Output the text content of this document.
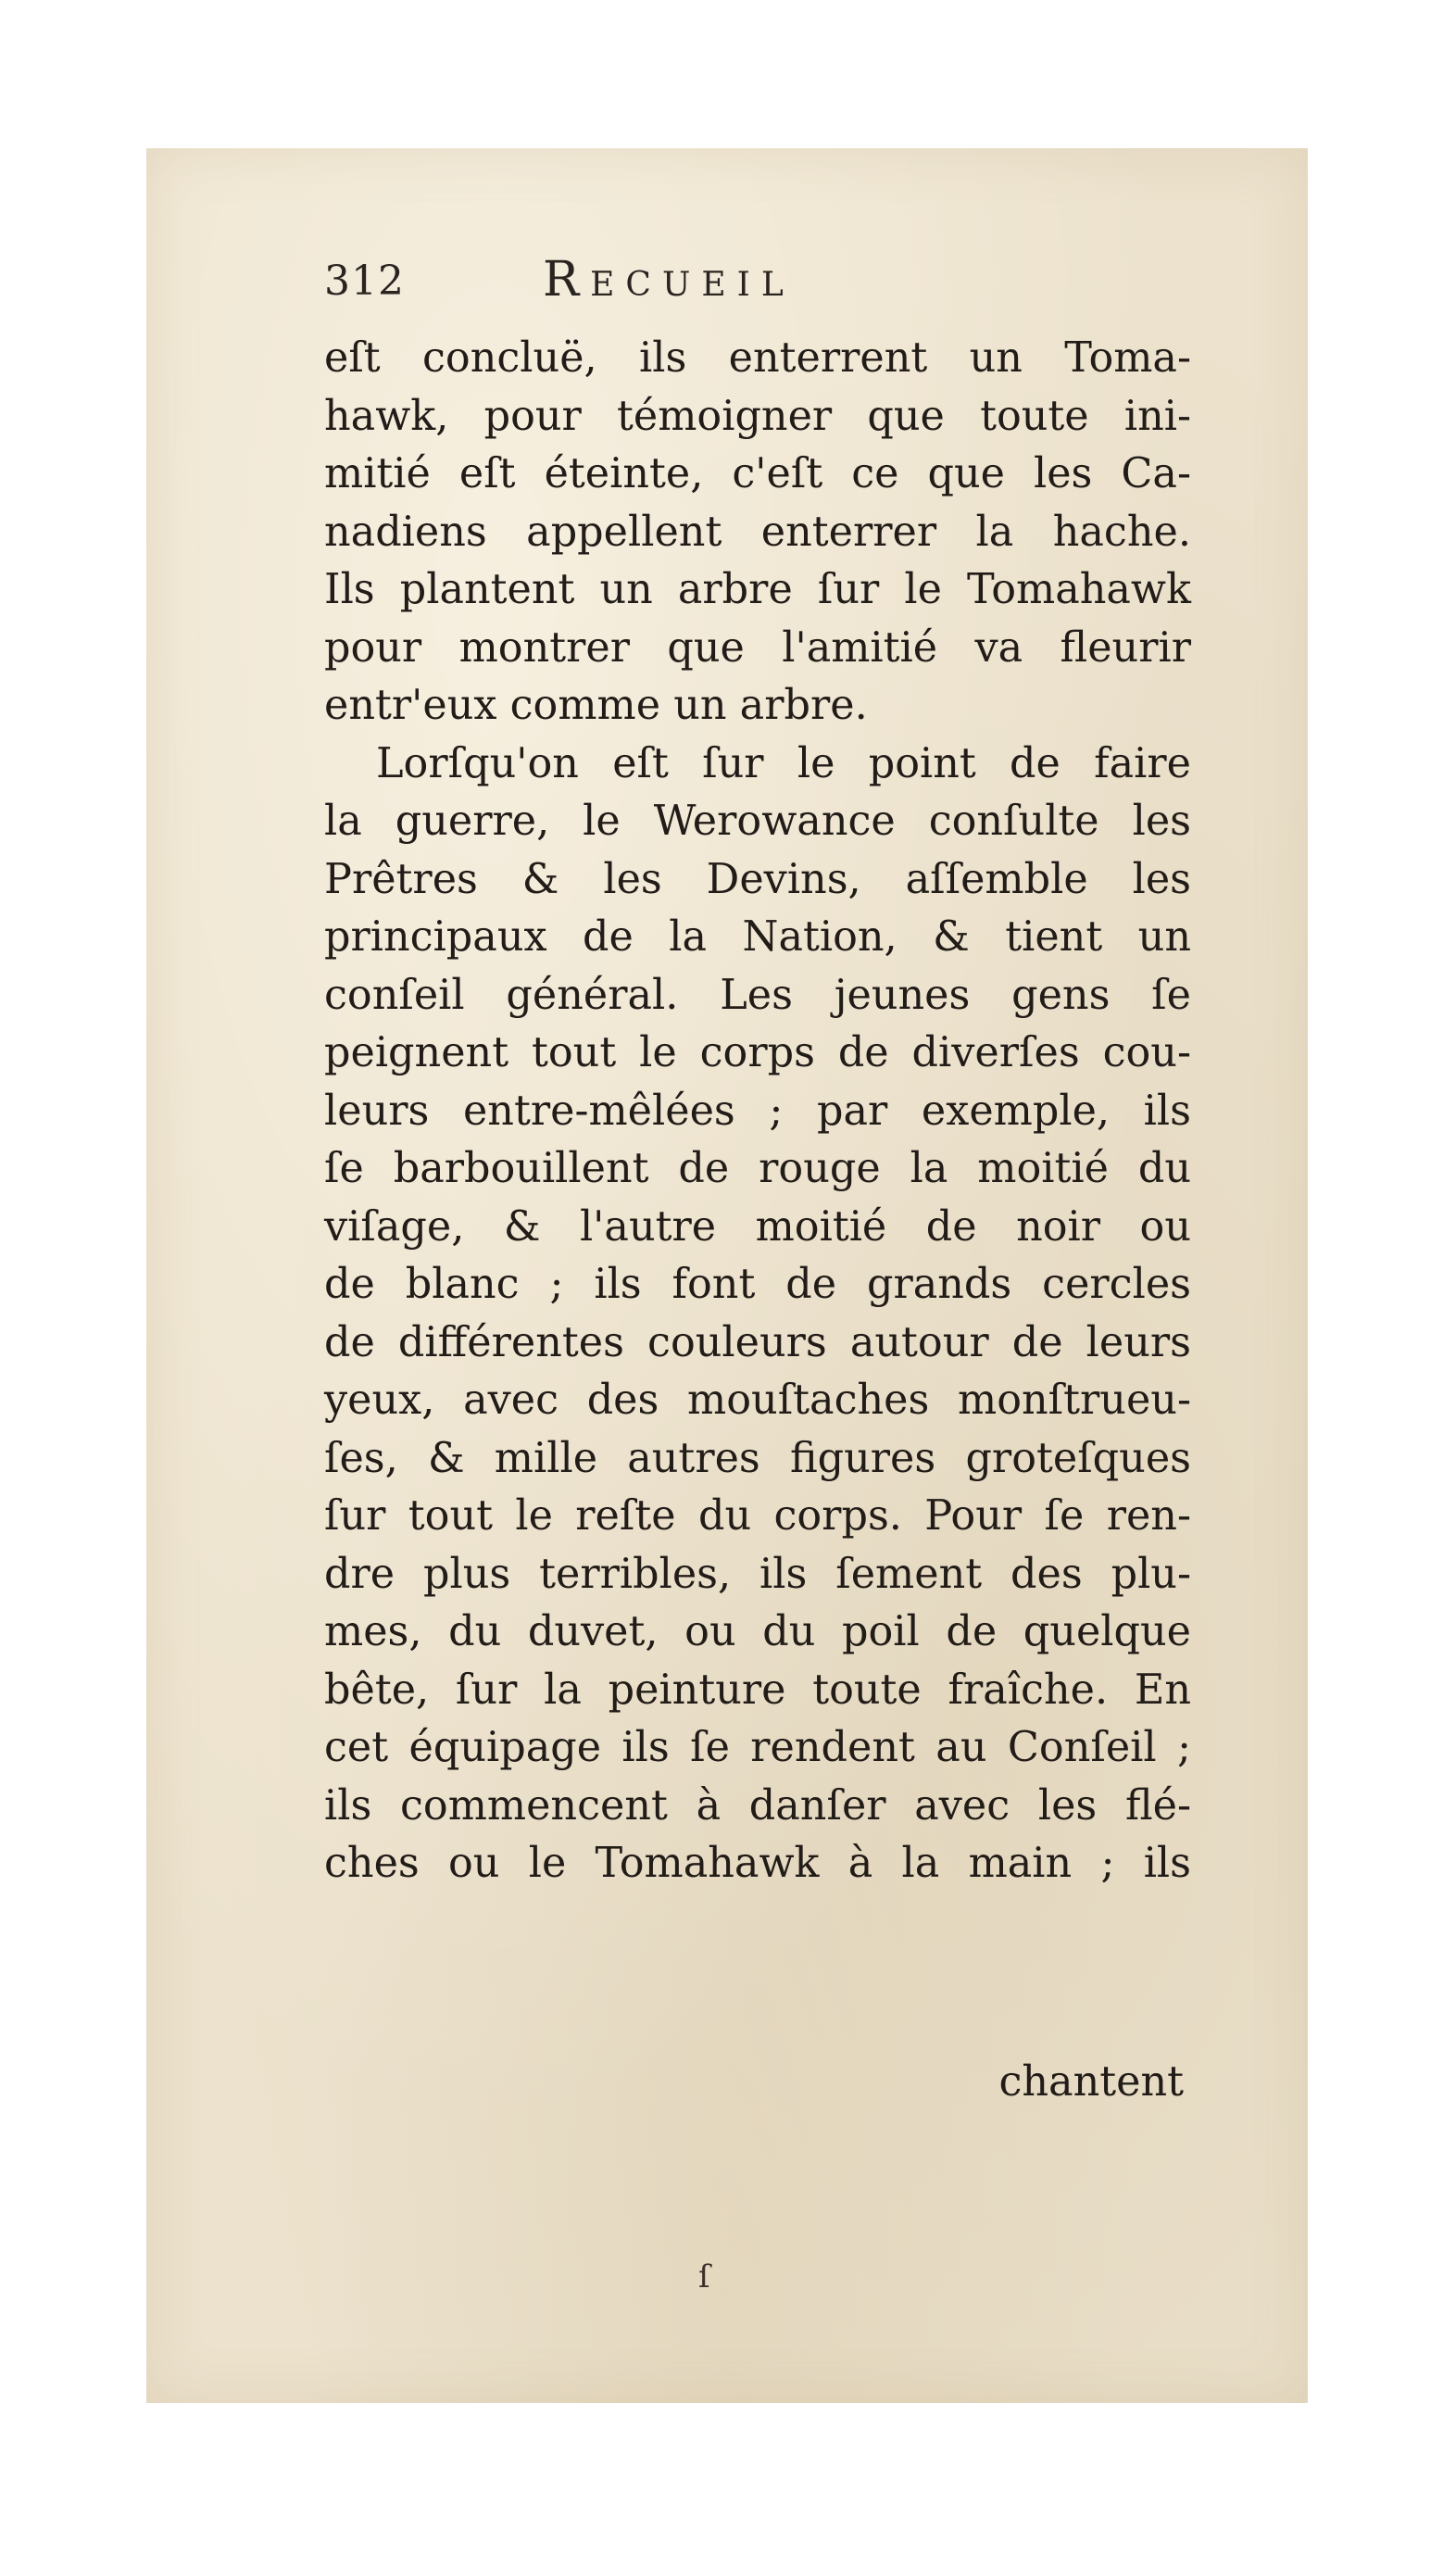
312	Recueil
eſt concluë, ils enterrent un Toma-
hawk, pour témoigner que toute ini-
mitié eſt éteinte, c'eſt ce que les Ca-
nadiens appellent enterrer la hache.
Ils plantent un arbre ſur le Tomahawk
pour montrer que l'amitié va fleurir
entr'eux comme un arbre.
Lorſqu'on eſt ſur le point de faire
la guerre, le Werowance conſulte les
Prêtres & les Devins, aſſemble les
principaux de la Nation, & tient un
conſeil général. Les jeunes gens ſe
peignent tout le corps de diverſes cou-
leurs entre-mêlées ; par exemple, ils
ſe barbouillent de rouge la moitié du
viſage, & l'autre moitié de noir ou
de blanc ; ils font de grands cercles
de différentes couleurs autour de leurs
yeux, avec des mouſtaches monſtrueu-
ſes, & mille autres figures groteſques
ſur tout le reſte du corps. Pour ſe ren-
dre plus terribles, ils ſement des plu-
mes, du duvet, ou du poil de quelque
bête, ſur la peinture toute fraîche. En
cet équipage ils ſe rendent au Conſeil ;
ils commencent à danſer avec les flé-
ches ou le Tomahawk à la main ; ils
chantent
ſ
